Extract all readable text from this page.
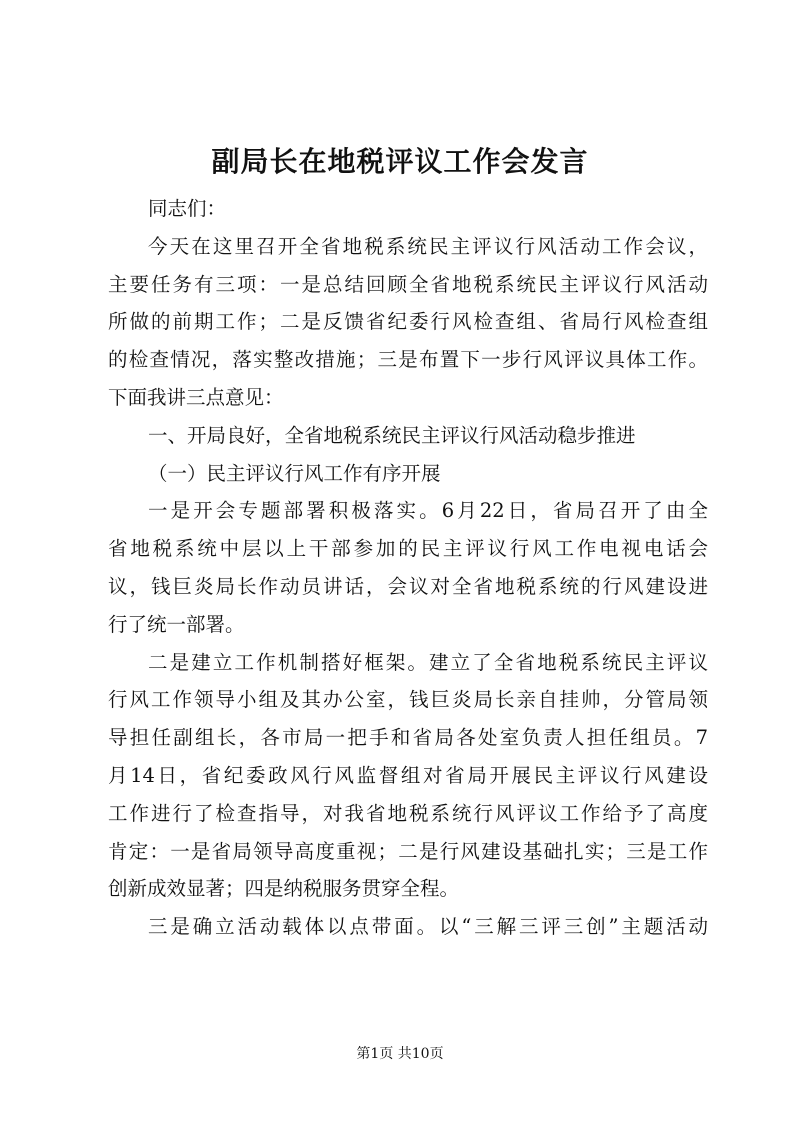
副局长在地税评议工作会发言
同志们：
今天在这里召开全省地税系统民主评议行风活动工作会议，
主要任务有三项：一是总结回顾全省地税系统民主评议行风活动
所做的前期工作；二是反馈省纪委行风检查组、省局行风检查组
的检查情况，落实整改措施；三是布置下一步行风评议具体工作。
下面我讲三点意见：
一、开局良好，全省地税系统民主评议行风活动稳步推进
（一）民主评议行风工作有序开展
一是开会专题部署积极落实。6月22日，省局召开了由全
省地税系统中层以上干部参加的民主评议行风工作电视电话会
议，钱巨炎局长作动员讲话，会议对全省地税系统的行风建设进
行了统一部署。
二是建立工作机制搭好框架。建立了全省地税系统民主评议
行风工作领导小组及其办公室，钱巨炎局长亲自挂帅，分管局领
导担任副组长，各市局一把手和省局各处室负责人担任组员。7
月14日，省纪委政风行风监督组对省局开展民主评议行风建设
工作进行了检查指导，对我省地税系统行风评议工作给予了高度
肯定：一是省局领导高度重视；二是行风建设基础扎实；三是工作
创新成效显著；四是纳税服务贯穿全程。
三是确立活动载体以点带面。以“三解三评三创”主题活动
第1页 共10页
